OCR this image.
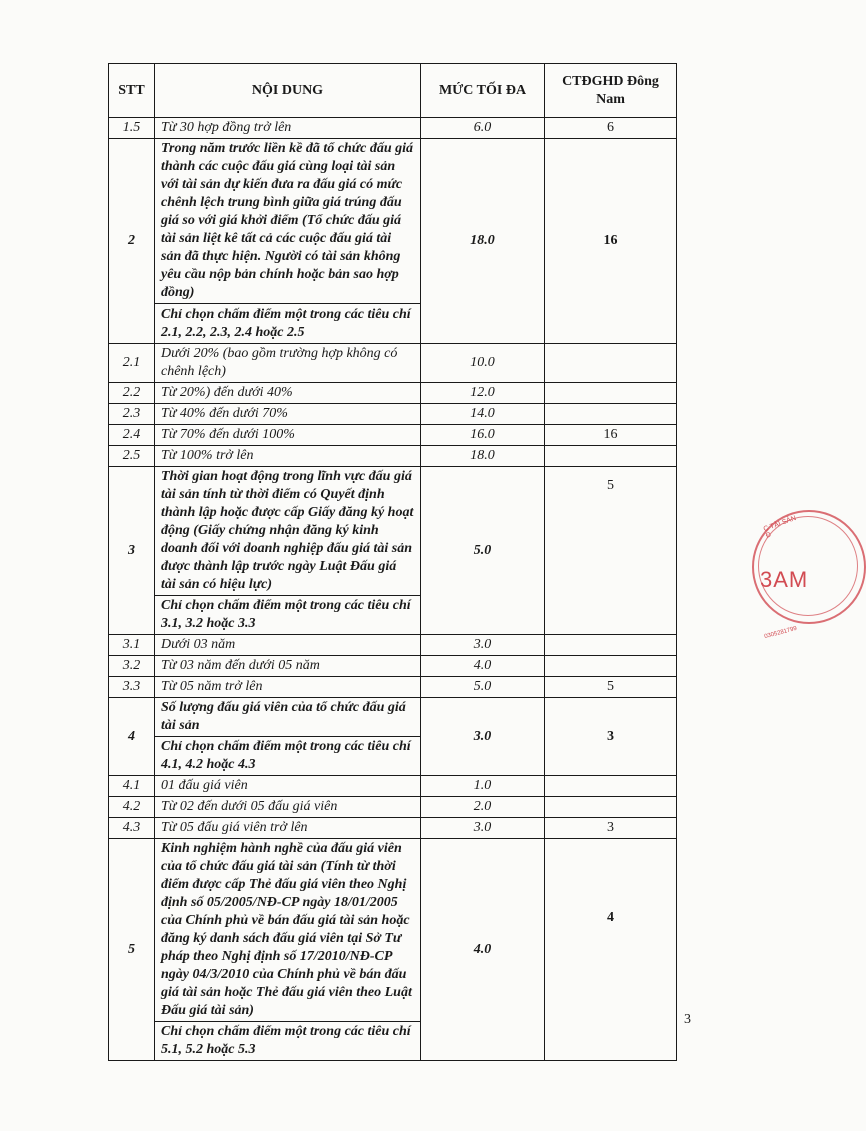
STT	NỘI DUNG	MỨC TỐI ĐA	CTĐGHD Đông Nam
1.5	Từ 30 hợp đồng trở lên	6.0	6
2	Trong năm trước liền kề đã tổ chức đấu giá thành các cuộc đấu giá cùng loại tài sản với tài sản dự kiến đưa ra đấu giá có mức chênh lệch trung bình giữa giá trúng đấu giá so với giá khởi điểm (Tổ chức đấu giá tài sản liệt kê tất cả các cuộc đấu giá tài sản đã thực hiện. Người có tài sản không yêu cầu nộp bản chính hoặc bản sao hợp đồng)	18.0	16
	Chỉ chọn chấm điểm một trong các tiêu chí 2.1, 2.2, 2.3, 2.4 hoặc 2.5		
2.1	Dưới 20% (bao gồm trường hợp không có chênh lệch)	10.0	
2.2	Từ 20%) đến dưới 40%	12.0	
2.3	Từ 40% đến dưới 70%	14.0	
2.4	Từ 70% đến dưới 100%	16.0	16
2.5	Từ 100% trở lên	18.0	
3	Thời gian hoạt động trong lĩnh vực đấu giá tài sản tính từ thời điểm có Quyết định thành lập hoặc được cấp Giấy đăng ký hoạt động (Giấy chứng nhận đăng ký kinh doanh đối với doanh nghiệp đấu giá tài sản được thành lập trước ngày Luật Đấu giá tài sản có hiệu lực)	5.0	5
	Chỉ chọn chấm điểm một trong các tiêu chí 3.1, 3.2 hoặc 3.3		
3.1	Dưới 03 năm	3.0	
3.2	Từ 03 năm đến dưới 05 năm	4.0	
3.3	Từ 05 năm trở lên	5.0	5
4	Số lượng đấu giá viên của tổ chức đấu giá tài sản	3.0	3
	Chỉ chọn chấm điểm một trong các tiêu chí 4.1, 4.2 hoặc 4.3		
4.1	01 đấu giá viên	1.0	
4.2	Từ 02 đến dưới 05 đấu giá viên	2.0	
4.3	Từ 05 đấu giá viên trở lên	3.0	3
5	Kinh nghiệm hành nghề của đấu giá viên của tổ chức đấu giá tài sản (Tính từ thời điểm được cấp Thẻ đấu giá viên theo Nghị định số 05/2005/NĐ-CP ngày 18/01/2005 của Chính phủ về bán đấu giá tài sản hoặc đăng ký danh sách đấu giá viên tại Sở Tư pháp theo Nghị định số 17/2010/NĐ-CP ngày 04/3/2010 của Chính phủ về bán đấu giá tài sản hoặc Thẻ đấu giá viên theo Luật Đấu giá tài sản)	4.0	4
	Chỉ chọn chấm điểm một trong các tiêu chí 5.1, 5.2 hoặc 5.3		
3
C TÀI SẢN Đ
3AM
0305281799
